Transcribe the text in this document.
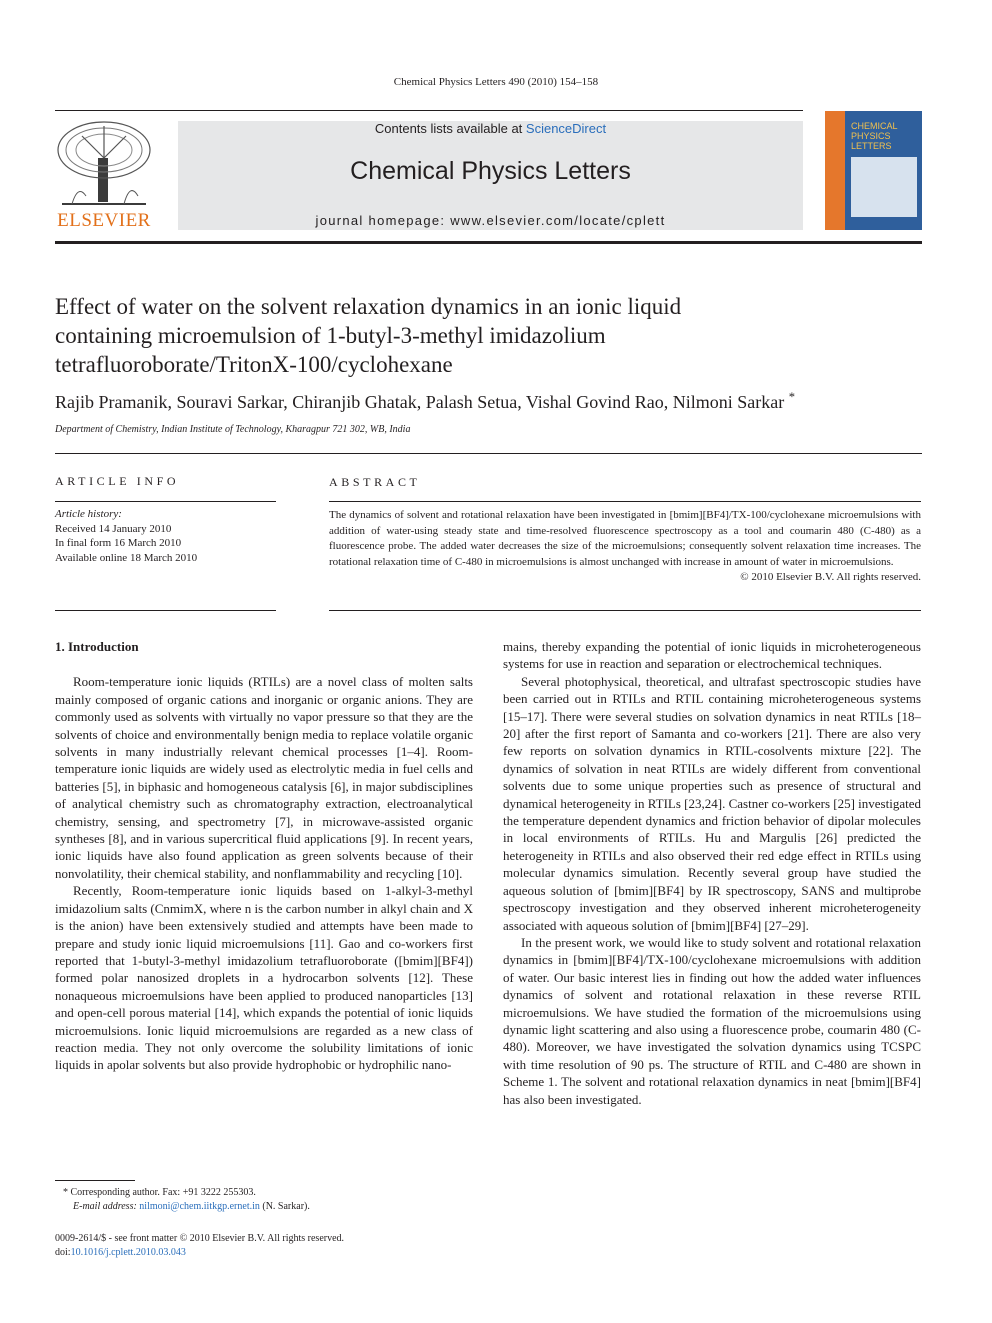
Chemical Physics Letters 490 (2010) 154–158
ELSEVIER
Contents lists available at ScienceDirect
Chemical Physics Letters
journal homepage: www.elsevier.com/locate/cplett
CHEMICAL
PHYSICS
LETTERS
Effect of water on the solvent relaxation dynamics in an ionic liquid
containing microemulsion of 1-butyl-3-methyl imidazolium
tetrafluoroborate/TritonX-100/cyclohexane
Rajib Pramanik, Souravi Sarkar, Chiranjib Ghatak, Palash Setua, Vishal Govind Rao, Nilmoni Sarkar *
Department of Chemistry, Indian Institute of Technology, Kharagpur 721 302, WB, India
ARTICLE INFO
Article history:
Received 14 January 2010
In final form 16 March 2010
Available online 18 March 2010
ABSTRACT

The dynamics of solvent and rotational relaxation have been investigated in [bmim][BF4]/TX-100/cyclohexane microemulsions with addition of water-using steady state and time-resolved fluorescence spectroscopy as a tool and coumarin 480 (C-480) as a fluorescence probe. The added water decreases the size of the microemulsions; consequently solvent relaxation time increases. The rotational relaxation time of C-480 in microemulsions is almost unchanged with increase in amount of water in microemulsions.

© 2010 Elsevier B.V. All rights reserved.

1. Introduction

Room-temperature ionic liquids (RTILs) are a novel class of molten salts mainly composed of organic cations and inorganic or organic anions. They are commonly used as solvents with virtually no vapor pressure so that they are the solvents of choice and environmentally benign media to replace volatile organic solvents in many industrially relevant chemical processes [1–4]. Room-temperature ionic liquids are widely used as electrolytic media in fuel cells and batteries [5], in biphasic and homogeneous catalysis [6], in major subdisciplines of analytical chemistry such as chromatography extraction, electroanalytical chemistry, sensing, and spectrometry [7], in microwave-assisted organic syntheses [8], and in various supercritical fluid applications [9]. In recent years, ionic liquids have also found application as green solvents because of their nonvolatility, their chemical stability, and nonflammability and recycling [10].

Recently, Room-temperature ionic liquids based on 1-alkyl-3-methyl imidazolium salts (CnmimX, where n is the carbon number in alkyl chain and X is the anion) have been extensively studied and attempts have been made to prepare and study ionic liquid microemulsions [11]. Gao and co-workers first reported that 1-butyl-3-methyl imidazolium tetrafluoroborate ([bmim][BF4]) formed polar nanosized droplets in a hydrocarbon solvents [12]. These nonaqueous microemulsions have been applied to produced nanoparticles [13] and open-cell porous material [14], which expands the potential of ionic liquids microemulsions. Ionic liquid microemulsions are regarded as a new class of reaction media. They not only overcome the solubility limitations of ionic liquids in apolar solvents but also provide hydrophobic or hydrophilic nano-

mains, thereby expanding the potential of ionic liquids in microheterogeneous systems for use in reaction and separation or electrochemical techniques.

Several photophysical, theoretical, and ultrafast spectroscopic studies have been carried out in RTILs and RTIL containing microheterogeneous systems [15–17]. There were several studies on solvation dynamics in neat RTILs [18–20] after the first report of Samanta and co-workers [21]. There are also very few reports on solvation dynamics in RTIL-cosolvents mixture [22]. The dynamics of solvation in neat RTILs are widely different from conventional solvents due to some unique properties such as presence of structural and dynamical heterogeneity in RTILs [23,24]. Castner co-workers [25] investigated the temperature dependent dynamics and friction behavior of dipolar molecules in local environments of RTILs. Hu and Margulis [26] predicted the heterogeneity in RTILs and also observed their red edge effect in RTILs using molecular dynamics simulation. Recently several group have studied the aqueous solution of [bmim][BF4] by IR spectroscopy, SANS and multiprobe spectroscopy investigation and they observed inherent microheterogeneity associated with aqueous solution of [bmim][BF4] [27–29].

In the present work, we would like to study solvent and rotational relaxation dynamics in [bmim][BF4]/TX-100/cyclohexane microemulsions with addition of water. Our basic interest lies in finding out how the added water influences dynamics of solvent and rotational relaxation in these reverse RTIL microemulsions. We have studied the formation of the microemulsions using dynamic light scattering and also using a fluorescence probe, coumarin 480 (C-480). Moreover, we have investigated the solvation dynamics using TCSPC with time resolution of 90 ps. The structure of RTIL and C-480 are shown in Scheme 1. The solvent and rotational relaxation dynamics in neat [bmim][BF4] has also been investigated.

* Corresponding author. Fax: +91 3222 255303.
E-mail address: nilmoni@chem.iitkgp.ernet.in (N. Sarkar).
0009-2614/$ - see front matter © 2010 Elsevier B.V. All rights reserved.
doi:10.1016/j.cplett.2010.03.043
